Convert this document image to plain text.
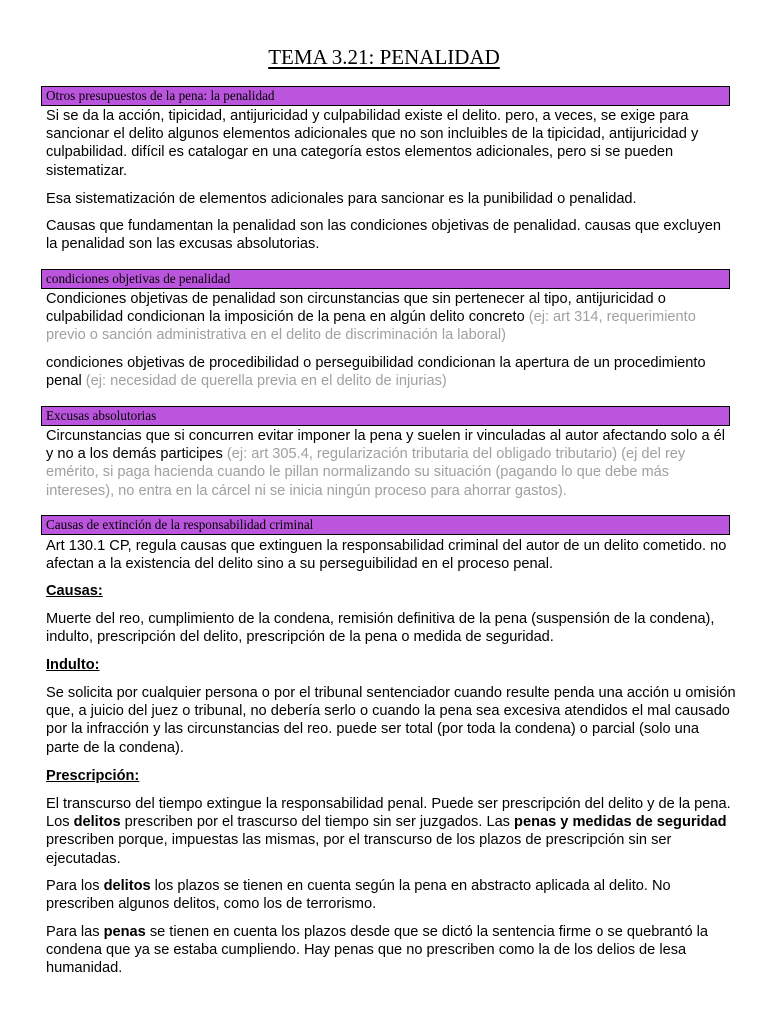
TEMA 3.21: PENALIDAD
Otros presupuestos de la pena: la penalidad

Si se da la acción, tipicidad, antijuricidad y culpabilidad existe el delito. pero, a veces, se exige para sancionar el delito algunos elementos adicionales que no son incluibles de la tipicidad, antijuricidad y culpabilidad. difícil es catalogar en una categoría estos elementos adicionales, pero si se pueden sistematizar.

Esa sistematización de elementos adicionales para sancionar es la punibilidad o penalidad.

Causas que fundamentan la penalidad son las condiciones objetivas de penalidad. causas que excluyen la penalidad son las excusas absolutorias.

condiciones objetivas de penalidad

Condiciones objetivas de penalidad son circunstancias que sin pertenecer al tipo, antijuricidad o culpabilidad condicionan la imposición de la pena en algún delito concreto (ej: art 314, requerimiento previo o sanción administrativa en el delito de discriminación la laboral)

condiciones objetivas de procedibilidad o perseguibilidad condicionan la apertura de un procedimiento penal (ej: necesidad de querella previa en el delito de injurias)

Excusas absolutorias

Circunstancias que si concurren evitar imponer la pena y suelen ir vinculadas al autor afectando solo a él y no a los demás participes (ej: art 305.4, regularización tributaria del obligado tributario) (ej del rey emérito, si paga hacienda cuando le pillan normalizando su situación (pagando lo que debe más intereses), no entra en la cárcel ni se inicia ningún proceso para ahorrar gastos).

Causas de extinción de la responsabilidad criminal

Art 130.1 CP, regula causas que extinguen la responsabilidad criminal del autor de un delito cometido. no afectan a la existencia del delito sino a su perseguibilidad en el proceso penal.

Causas:

Muerte del reo, cumplimiento de la condena, remisión definitiva de la pena (suspensión de la condena), indulto, prescripción del delito, prescripción de la pena o medida de seguridad.

Indulto:

Se solicita por cualquier persona o por el tribunal sentenciador cuando resulte penda una acción u omisión que, a juicio del juez o tribunal, no debería serlo o cuando la pena sea excesiva atendidos el mal causado por la infracción y las circunstancias del reo. puede ser total (por toda la condena) o parcial (solo una parte de la condena).

Prescripción:

El transcurso del tiempo extingue la responsabilidad penal. Puede ser prescripción del delito y de la pena. Los delitos prescriben por el trascurso del tiempo sin ser juzgados. Las penas y medidas de seguridad prescriben porque, impuestas las mismas, por el transcurso de los plazos de prescripción sin ser ejecutadas.

Para los delitos los plazos se tienen en cuenta según la pena en abstracto aplicada al delito. No prescriben algunos delitos, como los de terrorismo.

Para las penas se tienen en cuenta los plazos desde que se dictó la sentencia firme o se quebrantó la condena que ya se estaba cumpliendo. Hay penas que no prescriben como la de los delios de lesa humanidad.
